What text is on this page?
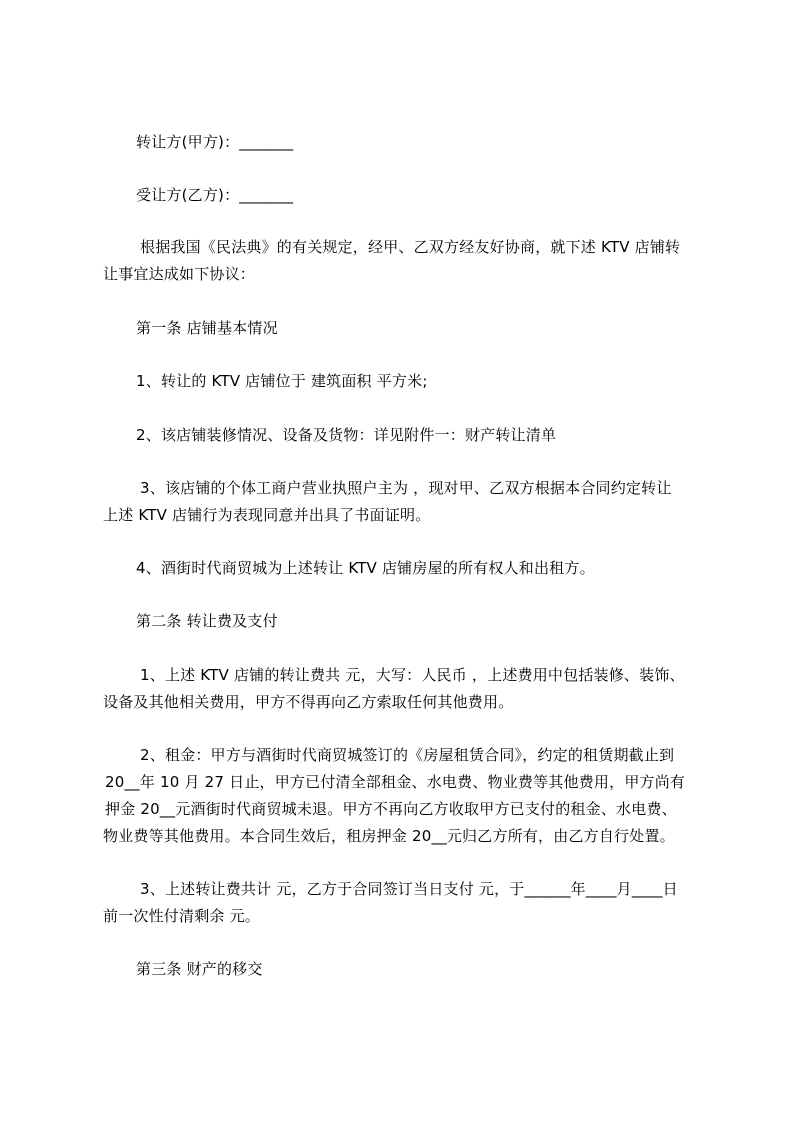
转让方(甲方)：_______
受让方(乙方)：_______
根据我国《民法典》的有关规定，经甲、乙双方经友好协商，就下述 KTV 店铺转
让事宜达成如下协议：
第一条 店铺基本情况
1、转让的 KTV 店铺位于 建筑面积 平方米;
2、该店铺装修情况、设备及货物：详见附件一：财产转让清单
3、该店铺的个体工商户营业执照户主为 ，现对甲、乙双方根据本合同约定转让
上述 KTV 店铺行为表现同意并出具了书面证明。
4、酒街时代商贸城为上述转让 KTV 店铺房屋的所有权人和出租方。
第二条 转让费及支付
1、上述 KTV 店铺的转让费共 元，大写：人民币 ，上述费用中包括装修、装饰、
设备及其他相关费用，甲方不得再向乙方索取任何其他费用。
2、租金：甲方与酒街时代商贸城签订的《房屋租赁合同》，约定的租赁期截止到
20__年 10 月 27 日止，甲方已付清全部租金、水电费、物业费等其他费用，甲方尚有
押金 20__元酒街时代商贸城未退。甲方不再向乙方收取甲方已支付的租金、水电费、
物业费等其他费用。本合同生效后，租房押金 20__元归乙方所有，由乙方自行处置。
3、上述转让费共计 元，乙方于合同签订当日支付 元，于______年____月____日
前一次性付清剩余 元。
第三条 财产的移交
